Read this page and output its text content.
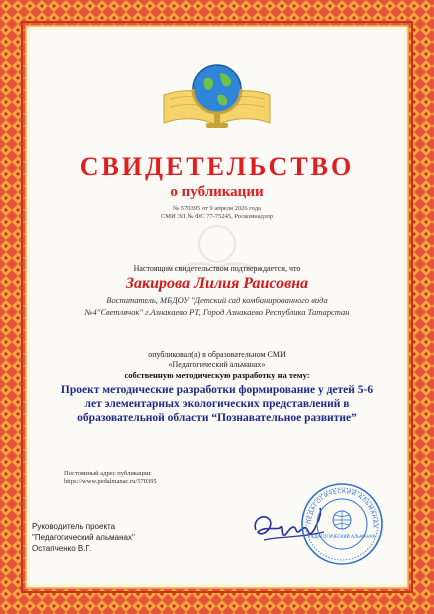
СВИДЕТЕЛЬСТВО
о публикации
№ 570395 от 9 апреля 2026 года
СМИ ЭЛ № ФС 77-75245, Роскомнадзор
Настоящим свидетельством подтверждается, что
Закирова Лилия Раисовна
Воспитатель, МБДОУ "Детский сад комбинированного вида №4"Светлячок" г.Азнакаево РТ, Город Азнакаево Республика Татарстан
опубликовал(а) в образовательном СМИ
«Педагогический альманах»
собственную методическую разработку на тему:
Проект методические разработки формирование у детей 5-6 лет элементарных экологических представлений в образовательной области “Познавательное развитие”
Постоянный адрес публикации:
https://www.pedalmanac.ru/570395
ПЕДАГОГИЧЕСКИЙ АЛЬМАНАХ
ПЕДАГОГИЧЕСКИЙ АЛЬМАНАХ
Руководитель проекта
"Педагогический альманах"
Остапченко В.Г.
